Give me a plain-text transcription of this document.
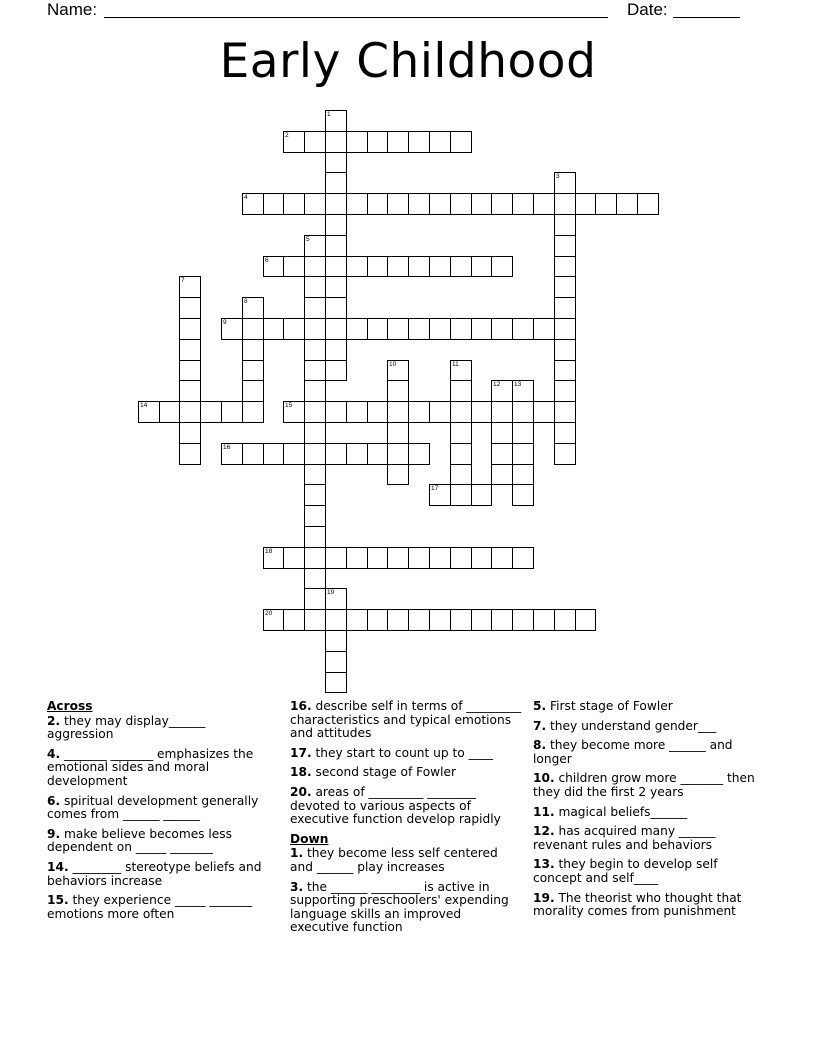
Name:	Date:
Early Childhood
1
2
3
4
5
6
7
8
9
10	11
12 13
14	15
16
17
18
19
20
Across
2. they may display______ aggression
4. _______ _______ emphasizes the emotional sides and moral development
6. spiritual development generally comes from ______ ______
9. make believe becomes less dependent on _____ _______
14. ________ stereotype beliefs and behaviors increase
15. they experience _____ _______ emotions more often
16. describe self in terms of _________ characteristics and typical emotions and attitudes
17. they start to count up to ____
18. second stage of Fowler
20. areas of _________ ________ devoted to various aspects of executive function develop rapidly
Down
1. they become less self centered and ______ play increases
3. the ______ ________ is active in supporting preschoolers' expending language skills an improved executive function
5. First stage of Fowler
7. they understand gender___
8. they become more ______ and longer
10. children grow more _______ then they did the first 2 years
11. magical beliefs______
12. has acquired many ______ revenant rules and behaviors
13. they begin to develop self concept and self____
19. The theorist who thought that morality comes from punishment
